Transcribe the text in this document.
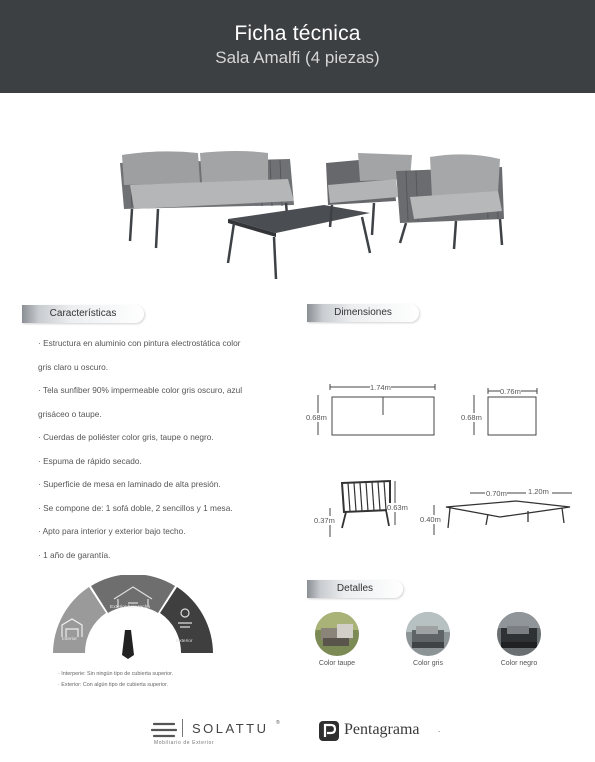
Ficha técnica
Sala Amalfi (4 piezas)
Características
· Estructura en aluminio con pintura electrostática color
gris claro u oscuro.
· Tela sunfiber 90% impermeable color gris oscuro, azul
grisáceo o taupe.
· Cuerdas de poliéster color gris, taupe o negro.
· Espuma de rápido secado.
· Superficie de mesa en laminado de alta presión.
· Se compone de: 1 sofá doble, 2 sencillos y 1 mesa.
· Apto para interior y exterior bajo techo.
· 1 año de garantía.
Dimensiones
1.74m
0.68m
0.76m
0.68m
0.37m
0.63m
0.70m	1.20m
0.40m
Interior
Exterior bajo techo
Exterior
· Interperie: Sin ningún tipo de cubierta superior.
· Exterior: Con algún tipo de cubierta superior.
Detalles
Color taupe	Color gris	Color negro
SOLATTU ®
Mobiliario de Exterior
Pentagrama .
